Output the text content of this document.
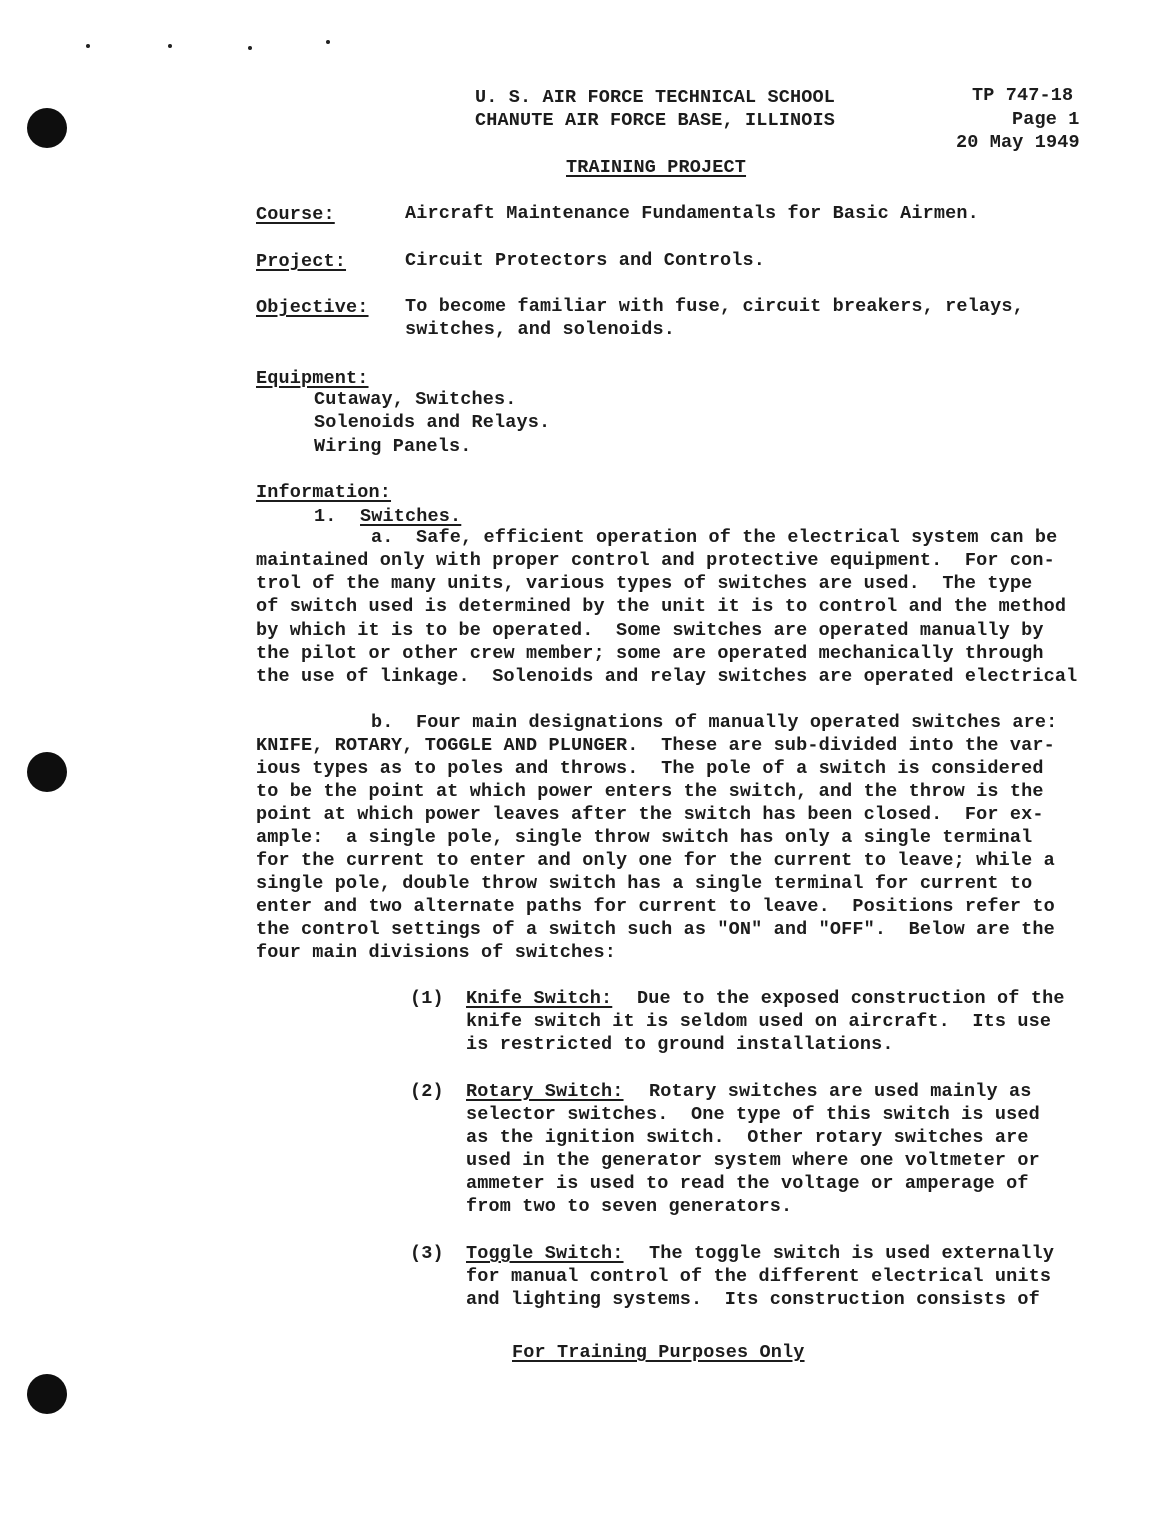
U. S. AIR FORCE TECHNICAL SCHOOL
CHANUTE AIR FORCE BASE, ILLINOIS
TP 747-18
Page 1
20 May 1949
TRAINING PROJECT
Course:	Aircraft Maintenance Fundamentals for Basic Airmen.
Project:	Circuit Protectors and Controls.
Objective: To become familiar with fuse, circuit breakers, relays,
switches, and solenoids.
Equipment:
Cutaway, Switches.
Solenoids and Relays.
Wiring Panels.
Information:
1. Switches.
a.  Safe, efficient operation of the electrical system can be
maintained only with proper control and protective equipment.  For con-
trol of the many units, various types of switches are used.  The type
of switch used is determined by the unit it is to control and the method
by which it is to be operated.  Some switches are operated manually by
the pilot or other crew member; some are operated mechanically through
the use of linkage.  Solenoids and relay switches are operated electrical
b.  Four main designations of manually operated switches are:
KNIFE, ROTARY, TOGGLE AND PLUNGER.  These are sub-divided into the var-
ious types as to poles and throws.  The pole of a switch is considered
to be the point at which power enters the switch, and the throw is the
point at which power leaves after the switch has been closed.  For ex-
ample:  a single pole, single throw switch has only a single terminal
for the current to enter and only one for the current to leave; while a
single pole, double throw switch has a single terminal for current to
enter and two alternate paths for current to leave.  Positions refer to
the control settings of a switch such as "ON" and "OFF".  Below are the
four main divisions of switches:
(1) Knife Switch: Due to the exposed construction of the
knife switch it is seldom used on aircraft.  Its use
is restricted to ground installations.
(2) Rotary Switch: Rotary switches are used mainly as
selector switches.  One type of this switch is used
as the ignition switch.  Other rotary switches are
used in the generator system where one voltmeter or
ammeter is used to read the voltage or amperage of
from two to seven generators.
(3) Toggle Switch: The toggle switch is used externally
for manual control of the different electrical units
and lighting systems.  Its construction consists of
For Training Purposes Only
